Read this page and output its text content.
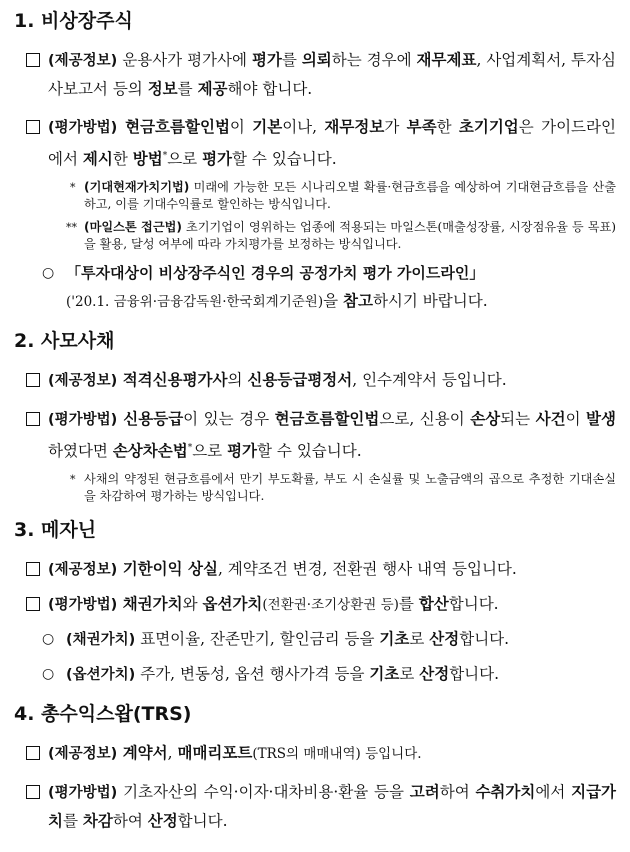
1. 비상장주식
(제공정보) 운용사가 평가사에 평가를 의뢰하는 경우에 재무제표, 사업계획서, 투자심사보고서 등의 정보를 제공해야 합니다.
(평가방법) 현금흐름할인법이 기본이나, 재무정보가 부족한 초기기업은 가이드라인에서 제시한 방법*으로 평가할 수 있습니다.
* (기대현재가치기법) 미래에 가능한 모든 시나리오별 확률·현금흐름을 예상하여 기대현금흐름을 산출하고, 이를 기대수익률로 할인하는 방식입니다.
** (마일스톤 접근법) 초기기업이 영위하는 업종에 적용되는 마일스톤(매출성장률, 시장점유율 등 목표)을 활용, 달성 여부에 따라 가치평가를 보정하는 방식입니다.
○ 「투자대상이 비상장주식인 경우의 공정가치 평가 가이드라인」
('20.1. 금융위·금융감독원·한국회계기준원)을 참고하시기 바랍니다.
2. 사모사채
(제공정보) 적격신용평가사의 신용등급평정서, 인수계약서 등입니다.
(평가방법) 신용등급이 있는 경우 현금흐름할인법으로, 신용이 손상되는 사건이 발생하였다면 손상차손법*으로 평가할 수 있습니다.
* 사채의 약정된 현금흐름에서 만기 부도확률, 부도 시 손실률 및 노출금액의 곱으로 추정한 기대손실을 차감하여 평가하는 방식입니다.
3. 메자닌
(제공정보) 기한이익 상실, 계약조건 변경, 전환권 행사 내역 등입니다.
(평가방법) 채권가치와 옵션가치(전환권·조기상환권 등)를 합산합니다.
○ (채권가치) 표면이율, 잔존만기, 할인금리 등을 기초로 산정합니다.
○ (옵션가치) 주가, 변동성, 옵션 행사가격 등을 기초로 산정합니다.
4. 총수익스왑(TRS)
(제공정보) 계약서, 매매리포트(TRS의 매매내역) 등입니다.
(평가방법) 기초자산의 수익·이자·대차비용·환율 등을 고려하여 수취가치에서 지급가치를 차감하여 산정합니다.
